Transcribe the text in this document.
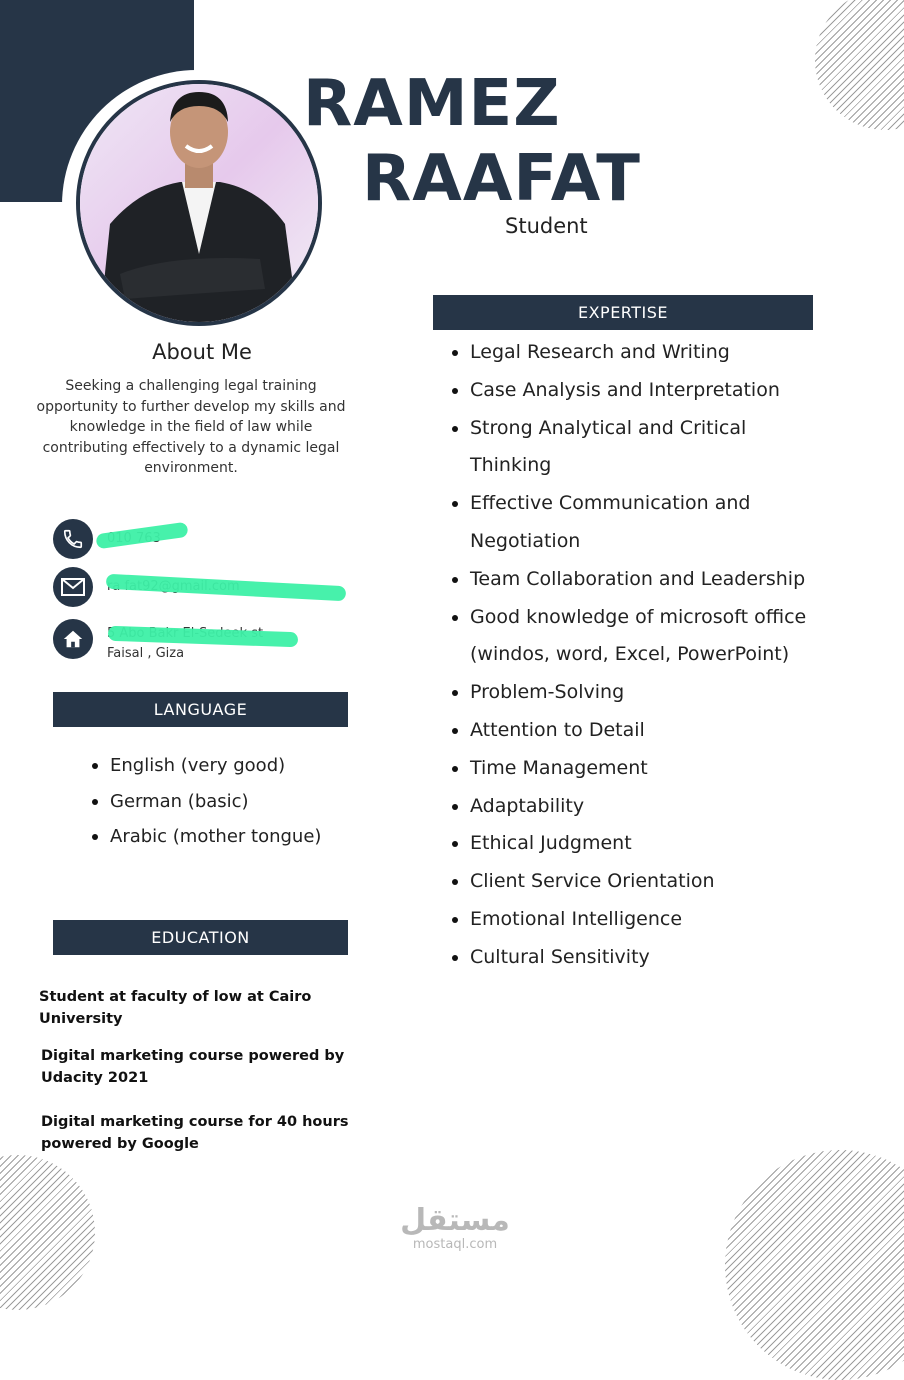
RAMEZ
RAAFAT
Student
About Me
Seeking a challenging legal training opportunity to further develop my skills and knowledge in the field of law while contributing effectively to a dynamic legal environment.
Faisal , Giza
LANGUAGE
English (very good)
German (basic)
Arabic (mother tongue)
EDUCATION
Student at faculty of low at Cairo University
Digital marketing course powered by Udacity 2021
Digital marketing course for 40 hours powered by Google
EXPERTISE
Legal Research and Writing
Case Analysis and Interpretation
Strong Analytical and Critical Thinking
Effective Communication and Negotiation
Team Collaboration and Leadership
Good knowledge of microsoft office (windos, word, Excel, PowerPoint)
Problem-Solving
Attention to Detail
Time Management
Adaptability
Ethical Judgment
Client Service Orientation
Emotional Intelligence
Cultural Sensitivity
مستقل
mostaql.com
